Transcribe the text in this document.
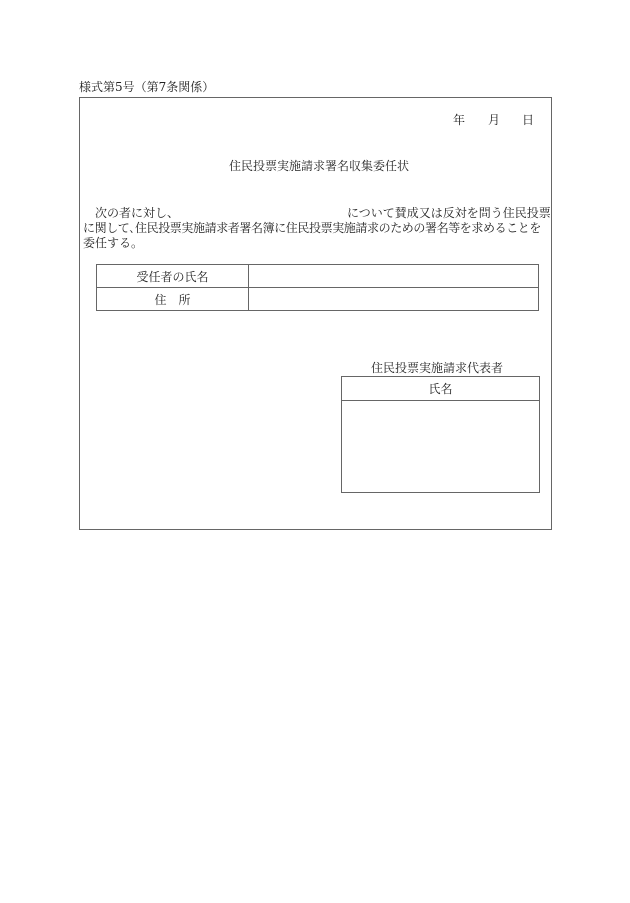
様式第5号（第7条関係）
年 月 日
住民投票実施請求署名収集委任状
次の者に対し、	について賛成又は反対を問う住民投票
に関して､住民投票実施請求者署名簿に住民投票実施請求のための署名等を求めることを
委任する。
受任者の氏名	
住　所	
住民投票実施請求代表者
氏名
